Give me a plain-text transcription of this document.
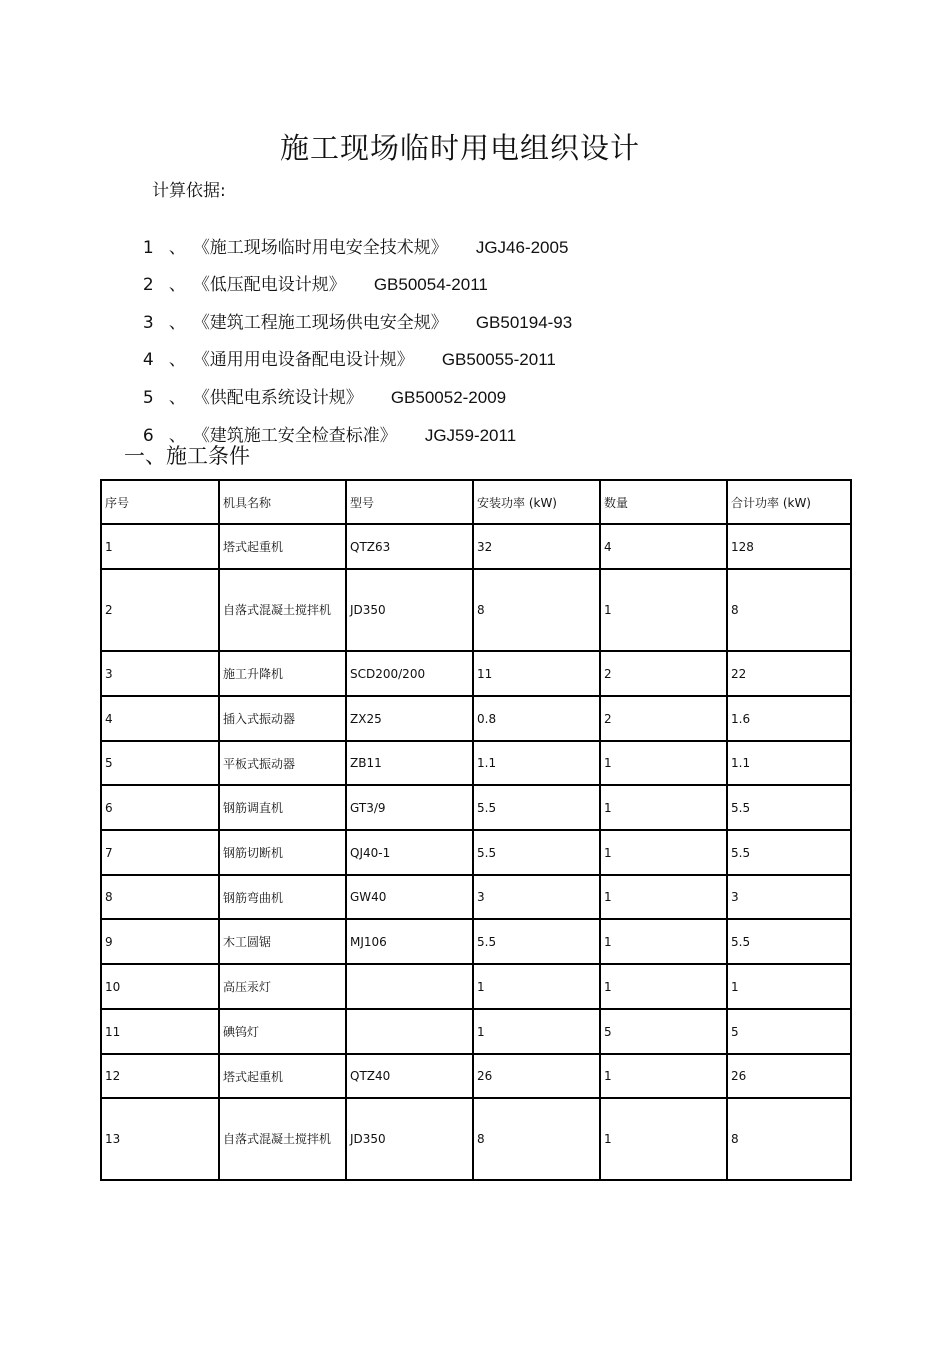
施工现场临时用电组织设计
计算依据:

1 、 《施工现场临时用电安全技术规》 JGJ46-2005

2 、 《低压配电设计规》 GB50054-2011

3 、 《建筑工程施工现场供电安全规》 GB50194-93

4 、 《通用用电设备配电设计规》 GB50055-2011

5 、 《供配电系统设计规》 GB50052-2009

6 、 《建筑施工安全检查标准》 JGJ59-2011

一、施工条件
序号	机具名称	型号	安装功率 (kW)	数量	合计功率 (kW)
1	塔式起重机	QTZ63	32	4	128
2	自落式混凝土搅拌机	JD350	8	1	8
3	施工升降机	SCD200/200	11	2	22
4	插入式振动器	ZX25	0.8	2	1.6
5	平板式振动器	ZB11	1.1	1	1.1
6	钢筋调直机	GT3/9	5.5	1	5.5
7	钢筋切断机	QJ40-1	5.5	1	5.5
8	钢筋弯曲机	GW40	3	1	3
9	木工圆锯	MJ106	5.5	1	5.5
10	高压汞灯		1	1	1
11	碘钨灯		1	5	5
12	塔式起重机	QTZ40	26	1	26
13	自落式混凝土搅拌机	JD350	8	1	8
